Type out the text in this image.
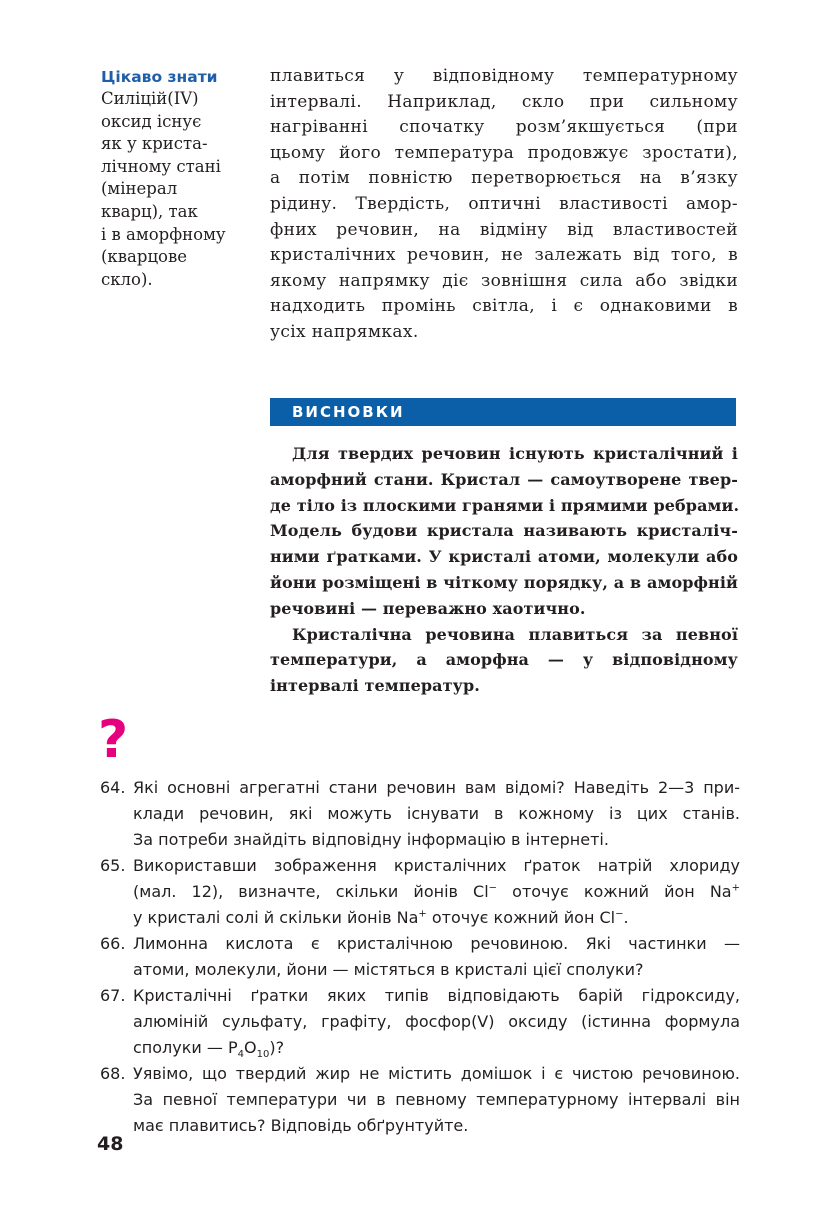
Цікаво знати
Силіцій(IV)
оксид існує
як у криста-
лічному стані
(мінерал
кварц), так
і в аморфному
(кварцове
скло).
плавиться у відповідному температурному
інтервалі. Наприклад, скло при сильному
нагріванні спочатку розм’якшується (при
цьому його температура продовжує зростати),
а потім повністю перетворюється на в’язку
рідину. Твердість, оптичні властивості амор-
фних речовин, на відміну від властивостей
кристалічних речовин, не залежать від того, в
якому напрямку діє зовнішня сила або звідки
надходить промінь світла, і є однаковими в
усіх напрямках.
ВИСНОВКИ
Для твердих речовин існують кристалічний і
аморфний стани. Кристал — самоутворене твер-
де тіло із плоскими гранями і прямими ребрами.
Модель будови кристала називають кристаліч-
ними ґратками. У кристалі атоми, молекули або
йони розміщені в чіткому порядку, а в аморфній
речовині — переважно хаотично.
Кристалічна речовина плавиться за певної
температури, а аморфна — у відповідному
інтервалі температур.
?
64. Які основні агрегатні стани речовин вам відомі? Наведіть 2—3 при-
клади речовин, які можуть існувати в кожному із цих станів.
За потреби знайдіть відповідну інформацію в інтернеті.
65. Використавши зображення кристалічних ґраток натрій хлориду
(мал. 12), визначте, скільки йонів Cl− оточує кожний йон Na+
у кристалі солі й скільки йонів Na+ оточує кожний йон Cl−.
66. Лимонна кислота є кристалічною речовиною. Які частинки —
атоми, молекули, йони — містяться в кристалі цієї сполуки?
67. Кристалічні ґратки яких типів відповідають барій гідроксиду,
алюміній сульфату, графіту, фосфор(V) оксиду (істинна формула
сполуки — $P_4O_{10}$)?
68. Уявімо, що твердий жир не містить домішок і є чистою речовиною.
За певної температури чи в певному температурному інтервалі він
має плавитись? Відповідь обґрунтуйте.
48
